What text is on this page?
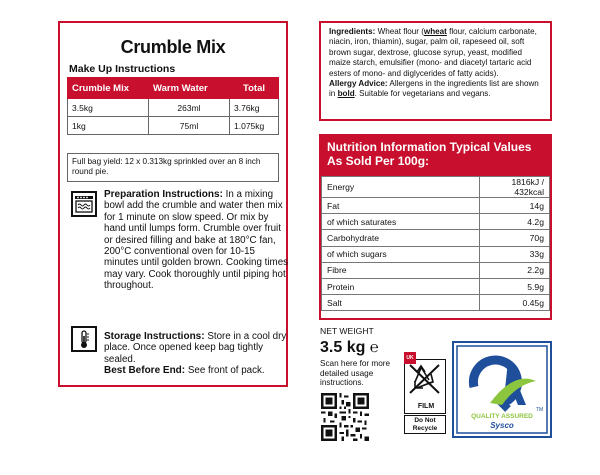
Crumble Mix
Make Up Instructions
Crumble Mix	Warm Water	Total
3.5kg	263ml	3.76kg
1kg	75ml	1.075kg
Full bag yield: 12 x 0.313kg sprinkled over an 8 inch round pie.
Preparation Instructions: In a mixing bowl add the crumble and water then mix for 1 minute on slow speed. Or mix by hand until lumps form. Crumble over fruit or desired filling and bake at 180°C fan, 200°C conventional oven for 10-15 minutes until golden brown. Cooking times may vary. Cook thoroughly until piping hot throughout.
Storage Instructions: Store in a cool dry place. Once opened keep bag tightly sealed.
Best Before End: See front of pack.
Ingredients: Wheat flour (wheat flour, calcium carbonate, niacin, iron, thiamin), sugar, palm oil, rapeseed oil, soft brown sugar, dextrose, glucose syrup, yeast, modified maize starch, emulsifier (mono- and diacetyl tartaric acid esters of mono- and diglycerides of fatty acids).
Allergy Advice: Allergens in the ingredients list are shown in bold. Suitable for vegetarians and vegans.
Nutrition Information Typical Values As Sold Per 100g:
Energy	1816kJ / 432kcal
Fat	14g
of which saturates	4.2g
Carbohydrate	70g
of which sugars	33g
Fibre	2.2g
Protein	5.9g
Salt	0.45g
NET WEIGHT
3.5 kg ℮
Scan here for more detailed usage instructions.
FILM
UK
Do Not
Recycle
TM
QUALITY ASSURED
Sysco
